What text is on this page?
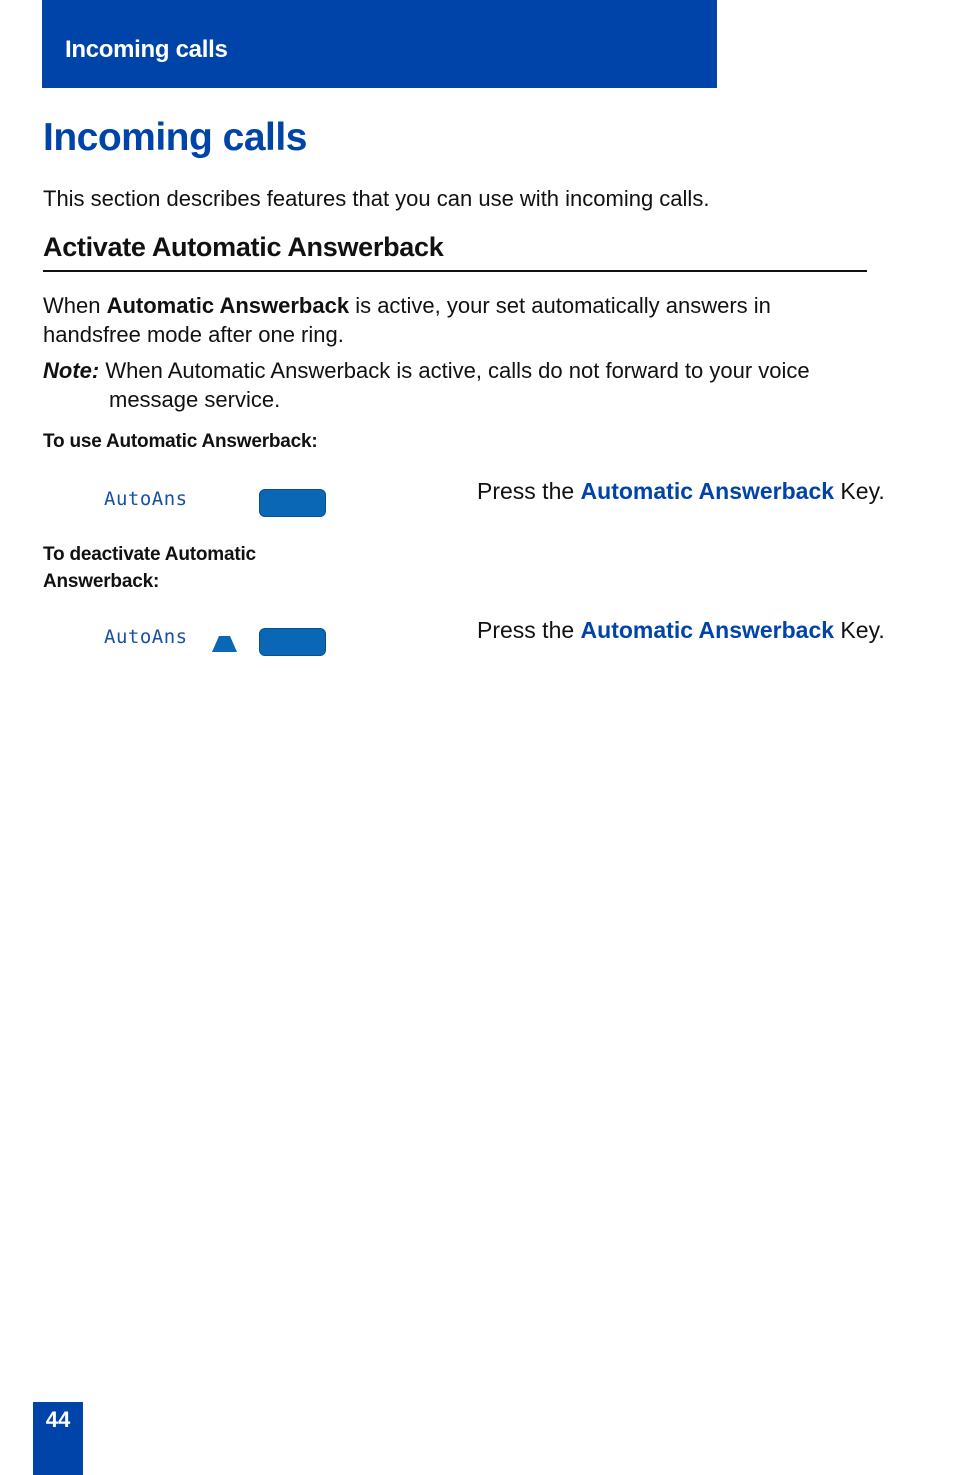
Incoming calls
Incoming calls
This section describes features that you can use with incoming calls.
Activate Automatic Answerback
When Automatic Answerback is active, your set automatically answers in handsfree mode after one ring.
Note: When Automatic Answerback is active, calls do not forward to your voice
message service.
To use Automatic Answerback:
AutoAns	Press the Automatic Answerback Key.
To deactivate Automatic
Answerback:
AutoAns	Press the Automatic Answerback Key.
44
